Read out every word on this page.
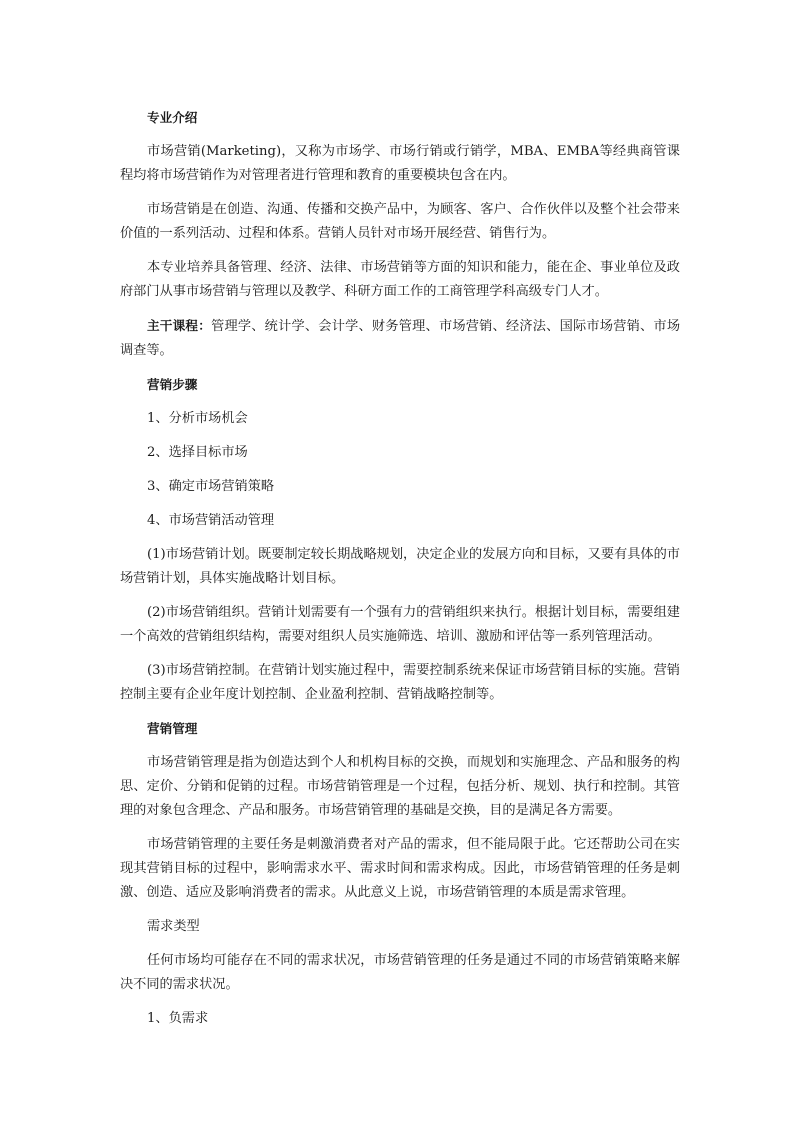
专业介绍

市场营销(Marketing)，又称为市场学、市场行销或行销学，MBA、EMBA等经典商管课程均将市场营销作为对管理者进行管理和教育的重要模块包含在内。

市场营销是在创造、沟通、传播和交换产品中，为顾客、客户、合作伙伴以及整个社会带来价值的一系列活动、过程和体系。营销人员针对市场开展经营、销售行为。

本专业培养具备管理、经济、法律、市场营销等方面的知识和能力，能在企、事业单位及政府部门从事市场营销与管理以及教学、科研方面工作的工商管理学科高级专门人才。

主干课程：管理学、统计学、会计学、财务管理、市场营销、经济法、国际市场营销、市场调查等。

营销步骤

1、分析市场机会

2、选择目标市场

3、确定市场营销策略

4、市场营销活动管理

(1)市场营销计划。既要制定较长期战略规划，决定企业的发展方向和目标，又要有具体的市场营销计划，具体实施战略计划目标。

(2)市场营销组织。营销计划需要有一个强有力的营销组织来执行。根据计划目标，需要组建一个高效的营销组织结构，需要对组织人员实施筛选、培训、激励和评估等一系列管理活动。

(3)市场营销控制。在营销计划实施过程中，需要控制系统来保证市场营销目标的实施。营销控制主要有企业年度计划控制、企业盈利控制、营销战略控制等。

营销管理

市场营销管理是指为创造达到个人和机构目标的交换，而规划和实施理念、产品和服务的构思、定价、分销和促销的过程。市场营销管理是一个过程，包括分析、规划、执行和控制。其管理的对象包含理念、产品和服务。市场营销管理的基础是交换，目的是满足各方需要。

市场营销管理的主要任务是刺激消费者对产品的需求，但不能局限于此。它还帮助公司在实现其营销目标的过程中，影响需求水平、需求时间和需求构成。因此，市场营销管理的任务是刺激、创造、适应及影响消费者的需求。从此意义上说，市场营销管理的本质是需求管理。

需求类型

任何市场均可能存在不同的需求状况，市场营销管理的任务是通过不同的市场营销策略来解决不同的需求状况。

1、负需求
